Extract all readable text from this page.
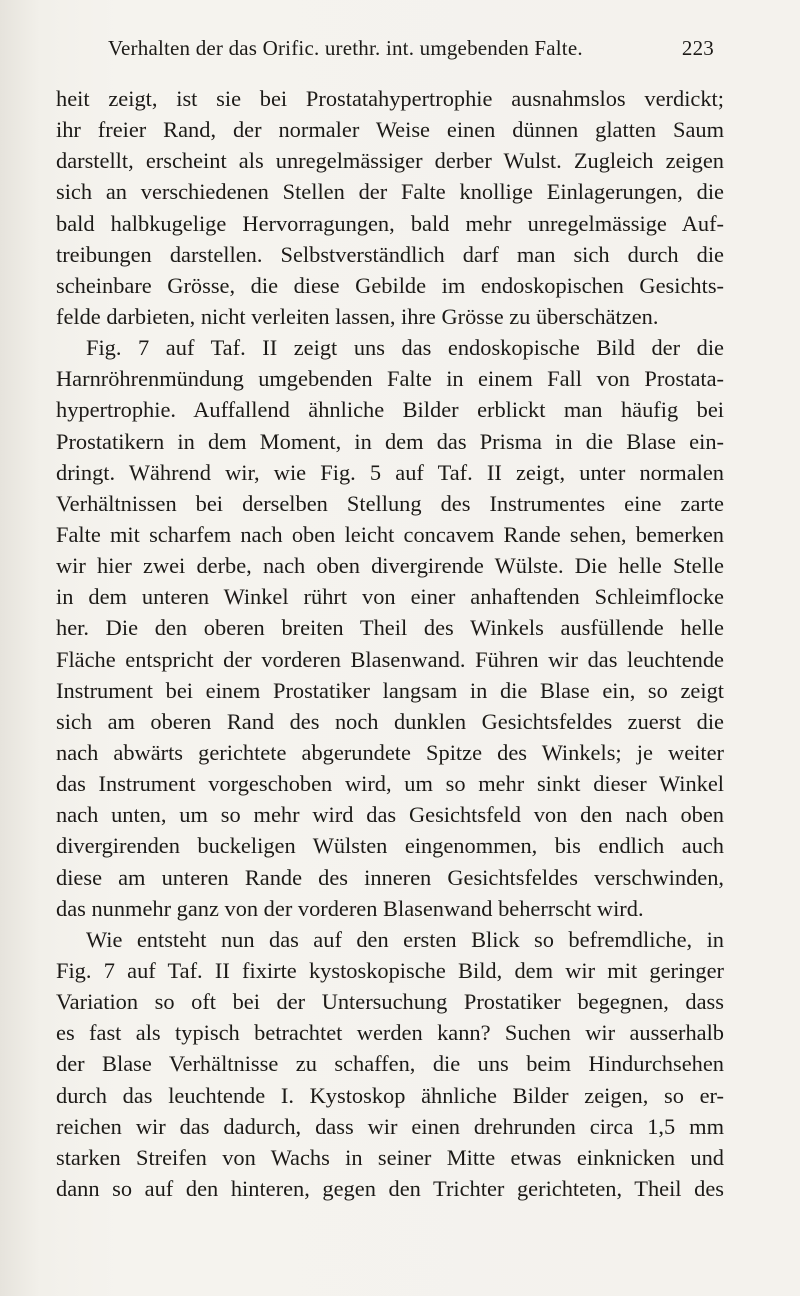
Verhalten der das Orific. urethr. int. umgebenden Falte.	223
heit zeigt, ist sie bei Prostatahypertrophie ausnahmslos verdickt;
ihr freier Rand, der normaler Weise einen dünnen glatten Saum
darstellt, erscheint als unregelmässiger derber Wulst. Zugleich zeigen
sich an verschiedenen Stellen der Falte knollige Einlagerungen, die
bald halbkugelige Hervorragungen, bald mehr unregelmässige Auf-
treibungen darstellen. Selbstverständlich darf man sich durch die
scheinbare Grösse, die diese Gebilde im endoskopischen Gesichts-
felde darbieten, nicht verleiten lassen, ihre Grösse zu überschätzen.
Fig. 7 auf Taf. II zeigt uns das endoskopische Bild der die
Harnröhrenmündung umgebenden Falte in einem Fall von Prostata-
hypertrophie. Auffallend ähnliche Bilder erblickt man häufig bei
Prostatikern in dem Moment, in dem das Prisma in die Blase ein-
dringt. Während wir, wie Fig. 5 auf Taf. II zeigt, unter normalen
Verhältnissen bei derselben Stellung des Instrumentes eine zarte
Falte mit scharfem nach oben leicht concavem Rande sehen, bemerken
wir hier zwei derbe, nach oben divergirende Wülste. Die helle Stelle
in dem unteren Winkel rührt von einer anhaftenden Schleimflocke
her. Die den oberen breiten Theil des Winkels ausfüllende helle
Fläche entspricht der vorderen Blasenwand. Führen wir das leuchtende
Instrument bei einem Prostatiker langsam in die Blase ein, so zeigt
sich am oberen Rand des noch dunklen Gesichtsfeldes zuerst die
nach abwärts gerichtete abgerundete Spitze des Winkels; je weiter
das Instrument vorgeschoben wird, um so mehr sinkt dieser Winkel
nach unten, um so mehr wird das Gesichtsfeld von den nach oben
divergirenden buckeligen Wülsten eingenommen, bis endlich auch
diese am unteren Rande des inneren Gesichtsfeldes verschwinden,
das nunmehr ganz von der vorderen Blasenwand beherrscht wird.
Wie entsteht nun das auf den ersten Blick so befremdliche, in
Fig. 7 auf Taf. II fixirte kystoskopische Bild, dem wir mit geringer
Variation so oft bei der Untersuchung Prostatiker begegnen, dass
es fast als typisch betrachtet werden kann? Suchen wir ausserhalb
der Blase Verhältnisse zu schaffen, die uns beim Hindurchsehen
durch das leuchtende I. Kystoskop ähnliche Bilder zeigen, so er-
reichen wir das dadurch, dass wir einen drehrunden circa 1,5 mm
starken Streifen von Wachs in seiner Mitte etwas einknicken und
dann so auf den hinteren, gegen den Trichter gerichteten, Theil des
